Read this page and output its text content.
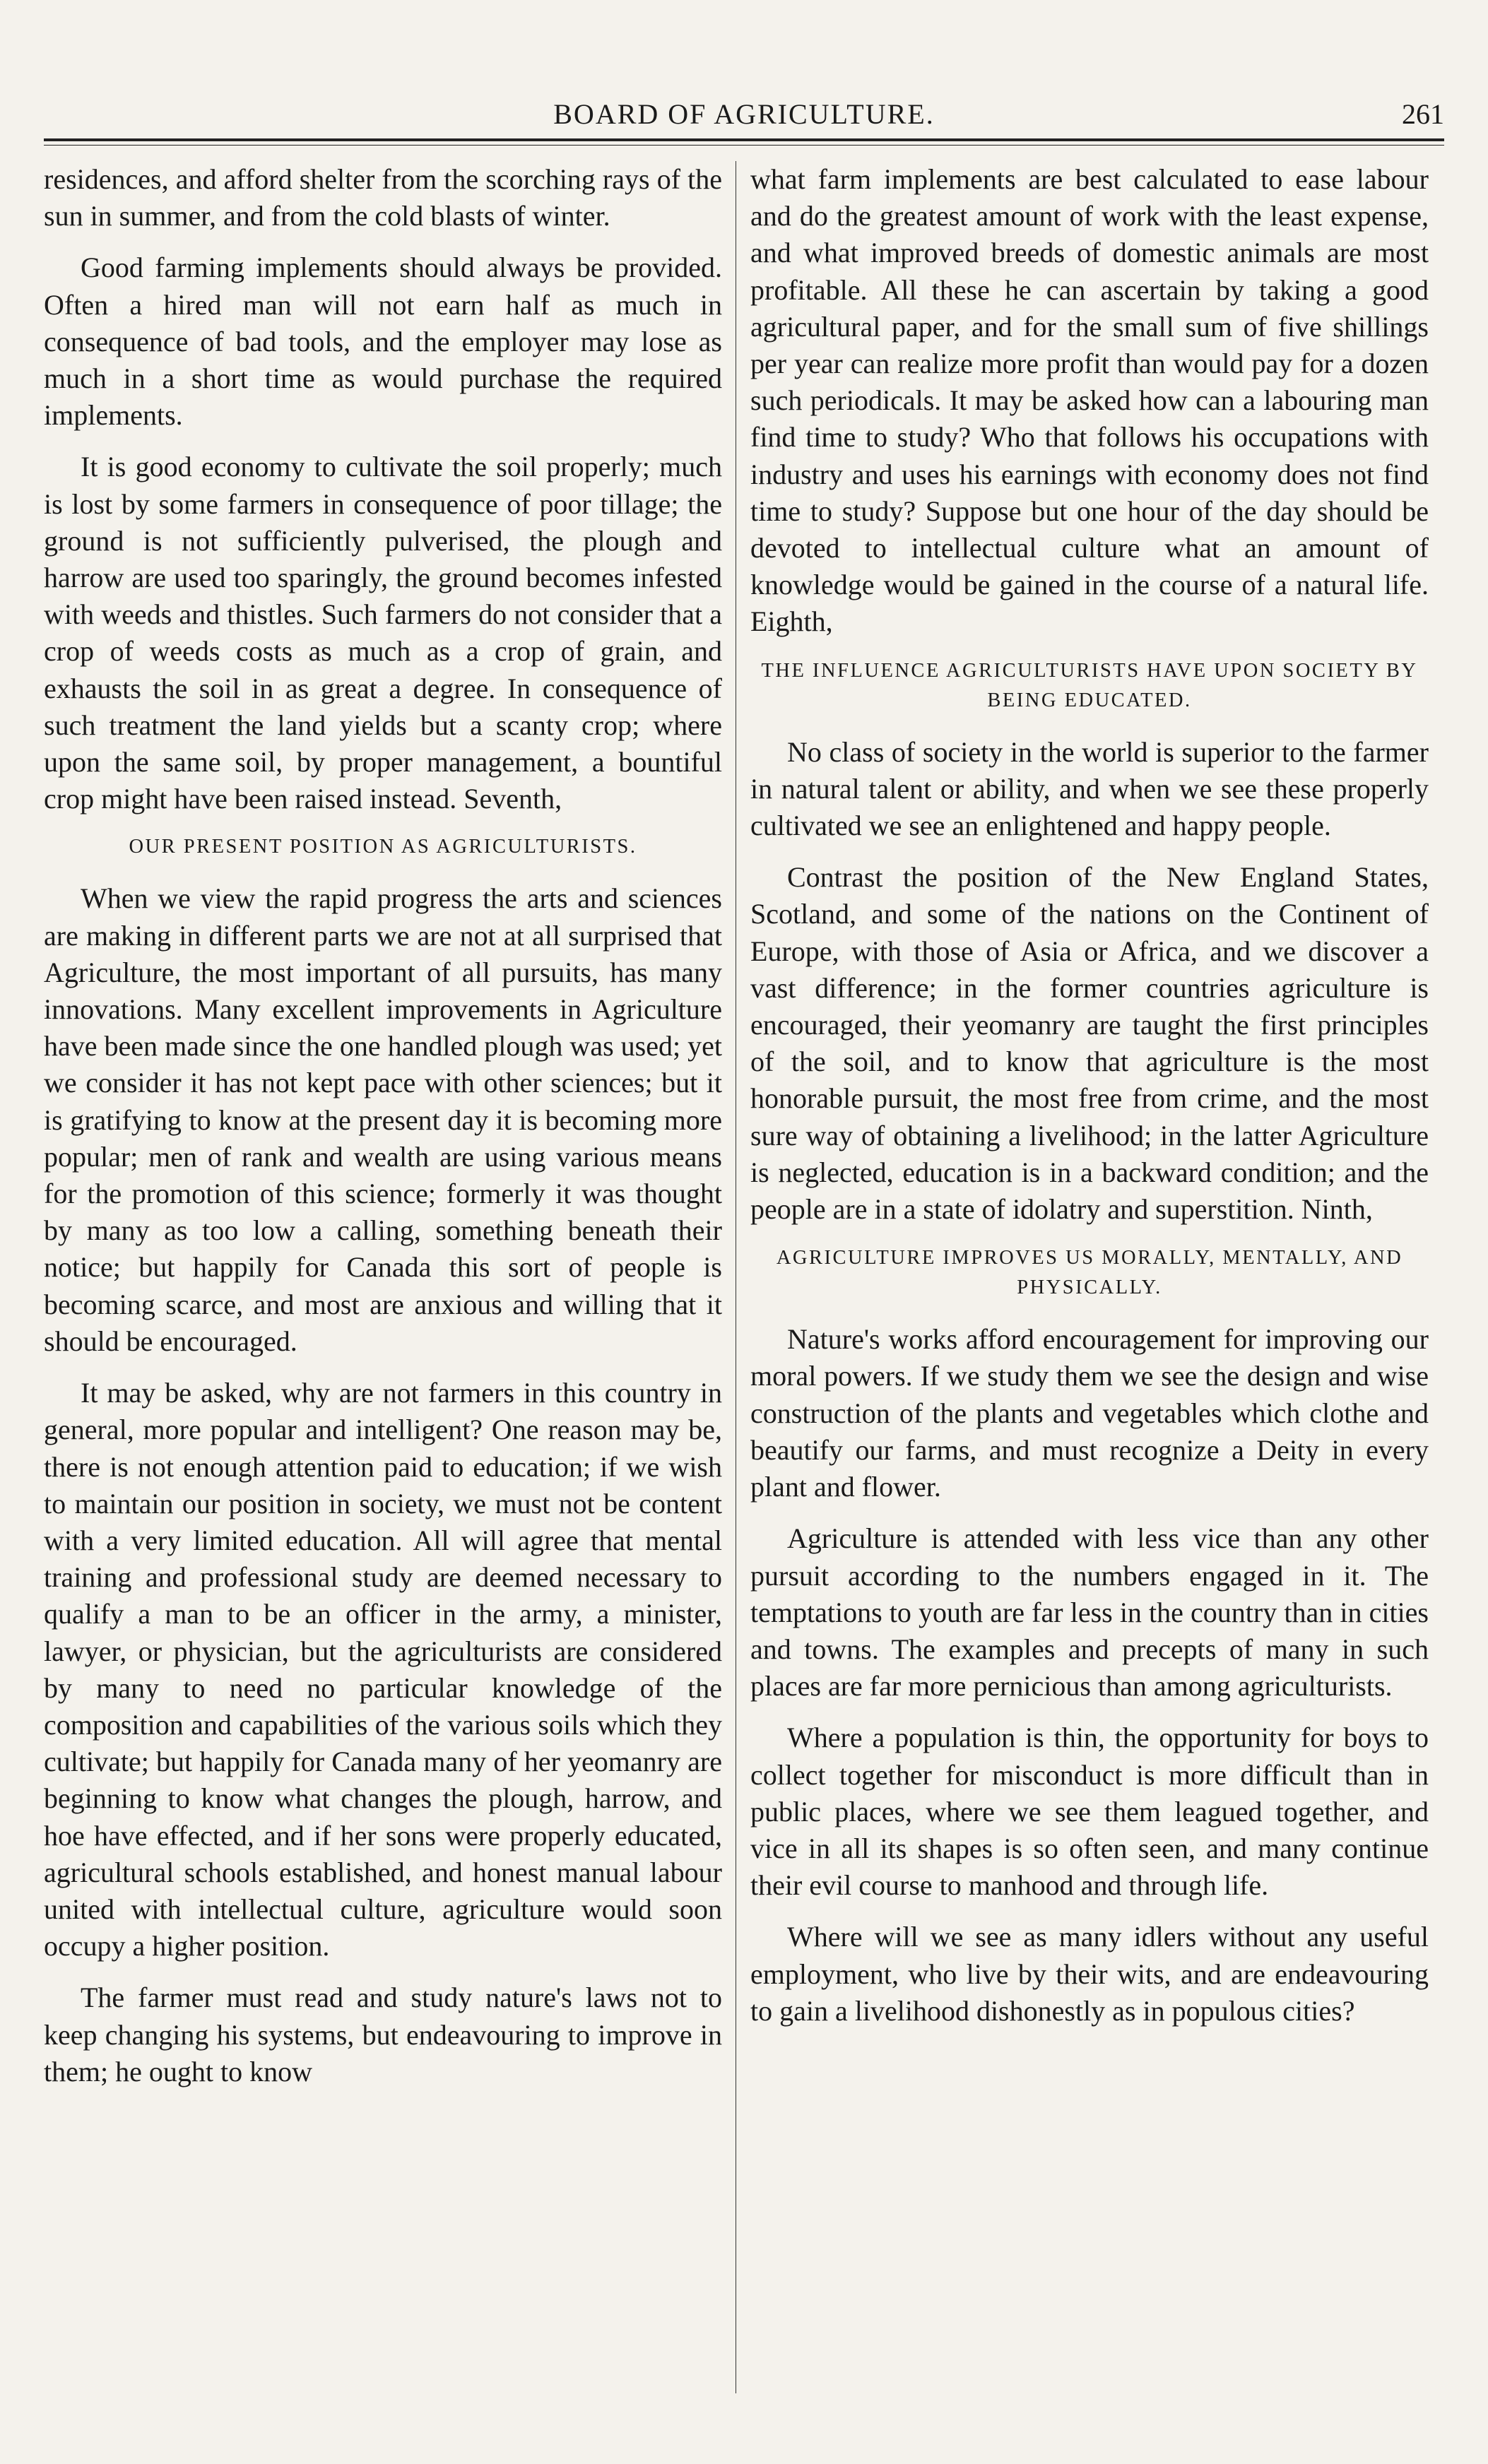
BOARD OF AGRICULTURE.	261

residences, and afford shelter from the scorching rays of the sun in summer, and from the cold blasts of winter.

Good farming implements should always be provided. Often a hired man will not earn half as much in consequence of bad tools, and the employer may lose as much in a short time as would purchase the required implements.

It is good economy to cultivate the soil properly; much is lost by some farmers in consequence of poor tillage; the ground is not sufficiently pulverised, the plough and harrow are used too sparingly, the ground becomes infested with weeds and thistles. Such farmers do not consider that a crop of weeds costs as much as a crop of grain, and exhausts the soil in as great a degree. In consequence of such treatment the land yields but a scanty crop; where upon the same soil, by proper management, a bountiful crop might have been raised instead. Seventh,

OUR PRESENT POSITION AS AGRICULTURISTS.

When we view the rapid progress the arts and sciences are making in different parts we are not at all surprised that Agriculture, the most important of all pursuits, has many innovations. Many excellent improvements in Agriculture have been made since the one handled plough was used; yet we consider it has not kept pace with other sciences; but it is gratifying to know at the present day it is becoming more popular; men of rank and wealth are using various means for the promotion of this science; formerly it was thought by many as too low a calling, something beneath their notice; but happily for Canada this sort of people is becoming scarce, and most are anxious and willing that it should be encouraged.

It may be asked, why are not farmers in this country in general, more popular and intelligent? One reason may be, there is not enough attention paid to education; if we wish to maintain our position in society, we must not be content with a very limited education. All will agree that mental training and professional study are deemed necessary to qualify a man to be an officer in the army, a minister, lawyer, or physician, but the agriculturists are considered by many to need no particular knowledge of the composition and capabilities of the various soils which they cultivate; but happily for Canada many of her yeomanry are beginning to know what changes the plough, harrow, and hoe have effected, and if her sons were properly educated, agricultural schools established, and honest manual labour united with intellectual culture, agriculture would soon occupy a higher position.

The farmer must read and study nature's laws not to keep changing his systems, but endeavouring to improve in them; he ought to know

what farm implements are best calculated to ease labour and do the greatest amount of work with the least expense, and what improved breeds of domestic animals are most profitable. All these he can ascertain by taking a good agricultural paper, and for the small sum of five shillings per year can realize more profit than would pay for a dozen such periodicals. It may be asked how can a labouring man find time to study? Who that follows his occupations with industry and uses his earnings with economy does not find time to study? Suppose but one hour of the day should be devoted to intellectual culture what an amount of knowledge would be gained in the course of a natural life. Eighth,

THE INFLUENCE AGRICULTURISTS HAVE UPON SOCIETY BY BEING EDUCATED.

No class of society in the world is superior to the farmer in natural talent or ability, and when we see these properly cultivated we see an enlightened and happy people.

Contrast the position of the New England States, Scotland, and some of the nations on the Continent of Europe, with those of Asia or Africa, and we discover a vast difference; in the former countries agriculture is encouraged, their yeomanry are taught the first principles of the soil, and to know that agriculture is the most honorable pursuit, the most free from crime, and the most sure way of obtaining a livelihood; in the latter Agriculture is neglected, education is in a backward condition; and the people are in a state of idolatry and superstition. Ninth,

AGRICULTURE IMPROVES US MORALLY, MENTALLY, AND PHYSICALLY.

Nature's works afford encouragement for improving our moral powers. If we study them we see the design and wise construction of the plants and vegetables which clothe and beautify our farms, and must recognize a Deity in every plant and flower.

Agriculture is attended with less vice than any other pursuit according to the numbers engaged in it. The temptations to youth are far less in the country than in cities and towns. The examples and precepts of many in such places are far more pernicious than among agriculturists.

Where a population is thin, the opportunity for boys to collect together for misconduct is more difficult than in public places, where we see them leagued together, and vice in all its shapes is so often seen, and many continue their evil course to manhood and through life.

Where will we see as many idlers without any useful employment, who live by their wits, and are endeavouring to gain a livelihood dishonestly as in populous cities?
